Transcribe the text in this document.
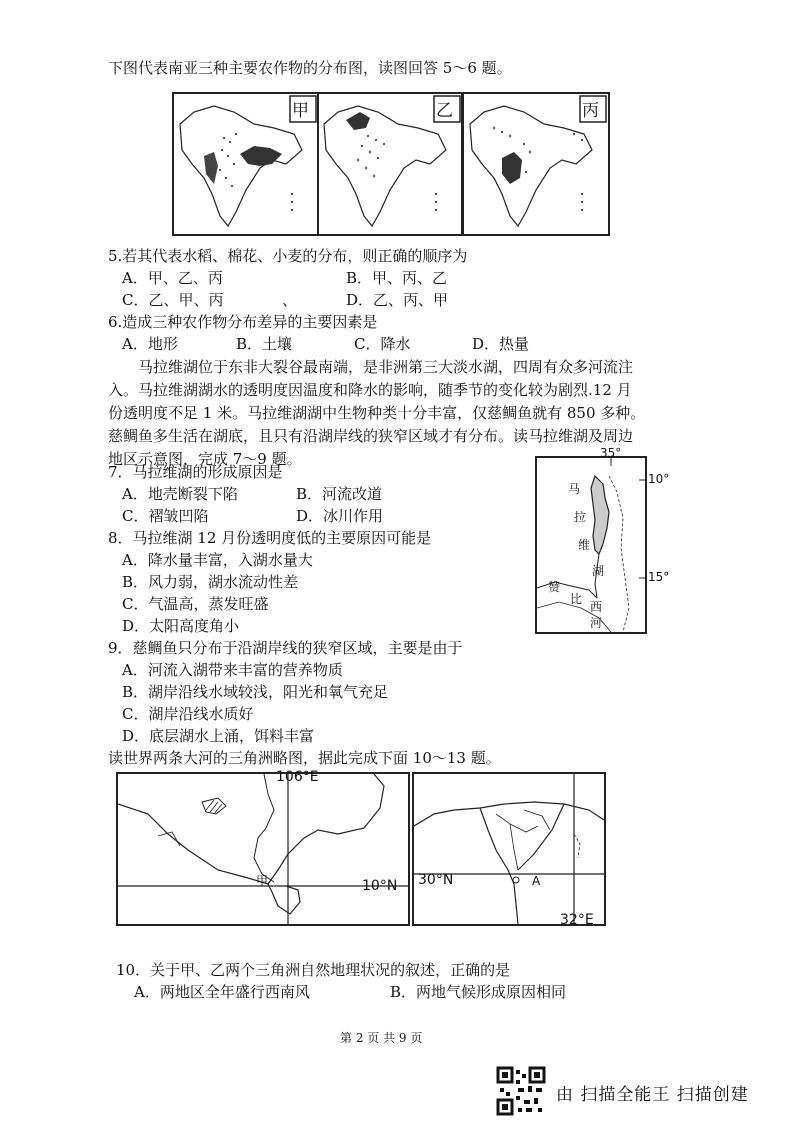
下图代表南亚三种主要农作物的分布图，读图回答 5～6 题。
甲	乙	丙
5.若其代表水稻、棉花、小麦的分布，则正确的顺序为
A．甲、乙、丙	B．甲、丙、乙
C．乙、甲、丙	、	D．乙、丙、甲
6.造成三种农作物分布差异的主要因素是
A．地形	B．土壤	C．降水	D．热量
马拉维湖位于东非大裂谷最南端，是非洲第三大淡水湖，四周有众多河流注
入。马拉维湖湖水的透明度因温度和降水的影响，随季节的变化较为剧烈.12 月
份透明度不足 1 米。马拉维湖湖中生物种类十分丰富，仅慈鲷鱼就有 850 多种。
慈鲷鱼多生活在湖底，且只有沿湖岸线的狭窄区域才有分布。读马拉维湖及周边
地区示意图，完成 7～9 题。	35°
10°
15°
马
拉
维
湖
赞
比
西
河
7．马拉维湖的形成原因是
A．地壳断裂下陷	B．河流改道
C．褶皱凹陷	D．冰川作用
8．马拉维湖 12 月份透明度低的主要原因可能是
A．降水量丰富，入湖水量大
B．风力弱，湖水流动性差
C．气温高，蒸发旺盛
D．太阳高度角小
9．慈鲷鱼只分布于沿湖岸线的狭窄区域，主要是由于
A．河流入湖带来丰富的营养物质
B．湖岸沿线水域较浅，阳光和氧气充足
C．湖岸沿线水质好
D．底层湖水上涌，饵料丰富
读世界两条大河的三角洲略图，据此完成下面 10～13 题。
106°E
10°N
甲	30°N
32°E
A
10．关于甲、乙两个三角洲自然地理状况的叙述，正确的是
A．两地区全年盛行西南风	B．两地气候形成原因相同
第 2 页 共 9 页
由 扫描全能王 扫描创建
